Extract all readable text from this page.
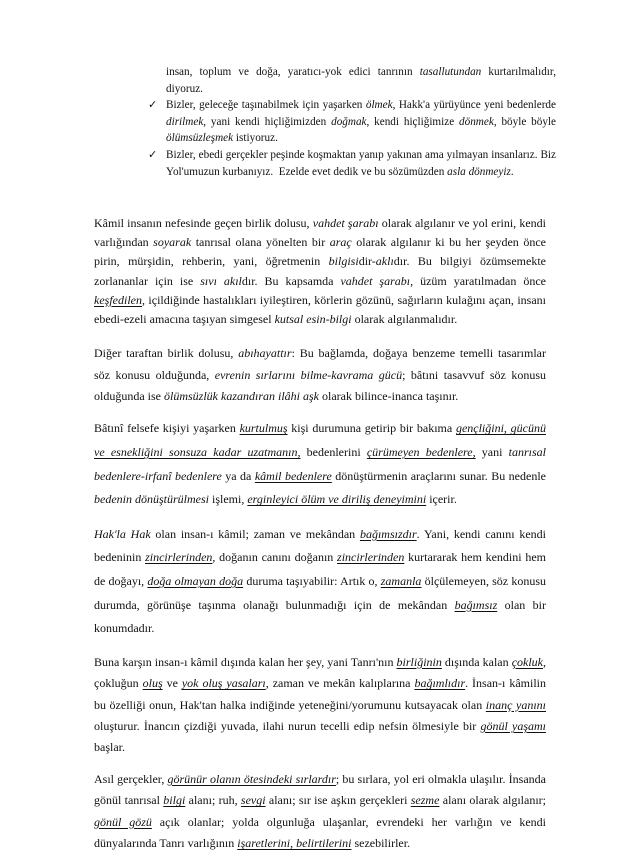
insan, toplum ve doğa, yaratıcı-yok edici tanrının tasallutundan kurtarılmalıdır, diyoruz.

✓ Bizler, geleceğe taşınabilmek için yaşarken ölmek, Hakk'a yürüyünce yeni bedenlerde dirilmek, yani kendi hiçliğimizden doğmak, kendi hiçliğimize dönmek, böyle böyle ölümsüzleşmek istiyoruz.

✓ Bizler, ebedi gerçekler peşinde koşmaktan yanıp yakınan ama yılmayan insanlarız. Biz Yol'umuzun kurbanıyız.  Ezelde evet dedik ve bu sözümüzden asla dönmeyiz.

Kâmil insanın nefesinde geçen birlik dolusu, vahdet şarabı olarak algılanır ve yol erini, kendi varlığından soyarak tanrısal olana yönelten bir araç olarak algılanır ki bu her şeyden önce pirin, mürşidin, rehberin, yani, öğretmenin bilgisidir-aklıdır. Bu bilgiyi özümsemekte zorlananlar için ise sıvı akıldır. Bu kapsamda vahdet şarabı, üzüm yaratılmadan önce keşfedilen, içildiğinde hastalıkları iyileştiren, körlerin gözünü, sağırların kulağını açan, insanı ebedi-ezeli amacına taşıyan simgesel kutsal esin-bilgi olarak algılanmalıdır.

Diğer taraftan birlik dolusu, abıhayattır: Bu bağlamda, doğaya benzeme temelli tasarımlar söz konusu olduğunda, evrenin sırlarını bilme-kavrama gücü; bâtıni tasavvuf söz konusu olduğunda ise ölümsüzlük kazandıran ilâhi aşk olarak bilince-inanca taşınır.

Bâtınî felsefe kişiyi yaşarken kurtulmuş kişi durumuna getirip bir bakıma gençliğini, gücünü ve esnekliğini sonsuza kadar uzatmanın, bedenlerini çürümeyen bedenlere, yani tanrısal bedenlere-irfanî bedenlere ya da kâmil bedenlere dönüştürmenin araçlarını sunar. Bu nedenle bedenin dönüştürülmesi işlemi, erginleyici ölüm ve diriliş deneyimini içerir.

Hak'la Hak olan insan-ı kâmil; zaman ve mekândan bağımsızdır. Yani, kendi canını kendi bedeninin zincirlerinden, doğanın canını doğanın zincirlerinden kurtararak hem kendini hem de doğayı, doğa olmayan doğa duruma taşıyabilir: Artık o, zamanla ölçülemeyen, söz konusu durumda, görünüşe taşınma olanağı bulunmadığı için de mekândan bağımsız olan bir konumdadır.

Buna karşın insan-ı kâmil dışında kalan her şey, yani Tanrı'nın birliğinin dışında kalan çokluk, çokluğun oluş ve yok oluş yasaları, zaman ve mekân kalıplarına bağımlıdır. İnsan-ı kâmilin bu özelliği onun, Hak'tan halka indiğinde yeteneğini/yorumunu kutsayacak olan inanç yanını oluşturur. İnancın çizdiği yuvada, ilahi nurun tecelli edip nefsin ölmesiyle bir gönül yaşamı başlar.

Asıl gerçekler, görünür olanın ötesindeki sırlardır; bu sırlara, yol eri olmakla ulaşılır. İnsanda gönül tanrısal bilgi alanı; ruh, sevgi alanı; sır ise aşkın gerçekleri sezme alanı olarak algılanır; gönül gözü açık olanlar; yolda olgunluğa ulaşanlar, evrendeki her varlığın ve kendi dünyalarında Tanrı varlığının işaretlerini, belirtilerini sezebilirler.
